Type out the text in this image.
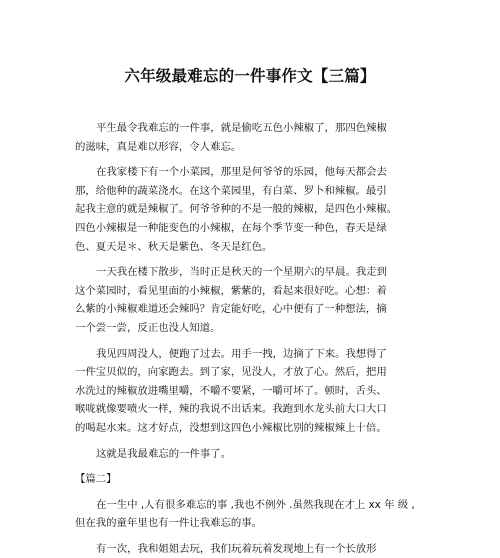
六年级最难忘的一件事作文【三篇】
平生最令我难忘的一件事，就是偷吃五色小辣椒了，那四色辣椒
的滋味，真是难以形容，令人难忘。
在我家楼下有一个小菜园，那里是何爷爷的乐园，他每天都会去
那，给他种的蔬菜浇水。在这个菜园里，有白菜、罗卜和辣椒。最引
起我主意的就是辣椒了。何爷爷种的不是一般的辣椒，是四色小辣椒。
四色小辣椒是一种能变色的小辣椒，在每个季节变一种色，春天是绿
色、夏天是＊、秋天是紫色、冬天是红色。
一天我在楼下散步，当时正是秋天的一个星期六的早晨。我走到
这个菜园时，看见里面的小辣椒，紫紫的，看起来很好吃。心想：着
么紫的小辣椒难道还会辣吗？肯定能好吃，心中便有了一种想法，摘
一个尝一尝，反正也没人知道。
我见四周没人，便跑了过去。用手一拽，边摘了下来。我想得了
一件宝贝似的，向家跑去。到了家，见没人，才放了心。然后，把用
水洗过的辣椒放进嘴里嚼，不嚼不要紧，一嚼可坏了。顿时，舌头、
喉咙就像要喷火一样，辣的我说不出话来。我跑到水龙头前大口大口
的喝起水来。这才好点，没想到这四色小辣椒比别的辣椒辣上十倍。
这就是我最难忘的一件事了。
【篇二】
在一生中 ,人有很多难忘的事 ,我也不例外 .虽然我现在才上 xx 年 级 ,
但在我的童年里也有一件让我难忘的事。
有一次，我和姐姐去玩，我们玩着玩着发现地上有一个长放形
